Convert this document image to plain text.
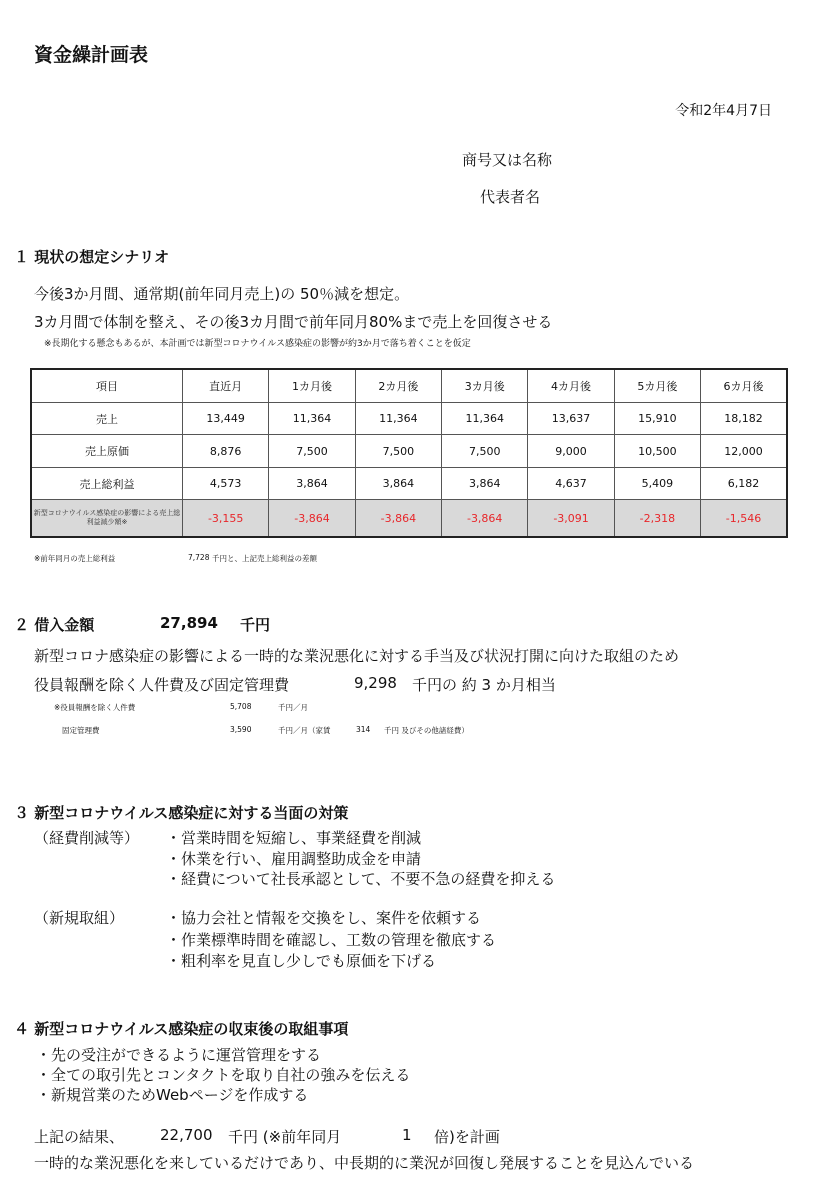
資金繰計画表
令和2年4月7日
商号又は名称
代表者名
１ 現状の想定シナリオ
今後3か月間、通常期(前年同月売上)の 50％減を想定。
3カ月間で体制を整え、その後3カ月間で前年同月80%まで売上を回復させる
※長期化する懸念もあるが、本計画では新型コロナウイルス感染症の影響が約3か月で落ち着くことを仮定
項目	直近月	1カ月後	2カ月後	3カ月後	4カ月後	5カ月後	6カ月後
売上	13,449	11,364	11,364	11,364	13,637	15,910	18,182
売上原価	8,876	7,500	7,500	7,500	9,000	10,500	12,000
売上総利益	4,573	3,864	3,864	3,864	4,637	5,409	6,182
新型コロナウイルス感染症の影響による売上総利益減少額※	-3,155	-3,864	-3,864	-3,864	-3,091	-2,318	-1,546
※前年同月の売上総利益	7,728 千円と、上記売上総利益の差額
２ 借入金額	27,894 千円
新型コロナ感染症の影響による一時的な業況悪化に対する手当及び状況打開に向けた取組のため
役員報酬を除く人件費及び固定管理費	9,298 千円の 約 3 か月相当
※役員報酬を除く人件費	5,708	千円／月
固定管理費	3,590	千円／月（家賃	314 千円 及びその他諸経費）
３ 新型コロナウイルス感染症に対する当面の対策
（経費削減等） ・営業時間を短縮し、事業経費を削減
・休業を行い、雇用調整助成金を申請
・経費について社長承認として、不要不急の経費を抑える
（新規取組）	・協力会社と情報を交換をし、案件を依頼する
・作業標準時間を確認し、工数の管理を徹底する
・粗利率を見直し少しでも原価を下げる
４ 新型コロナウイルス感染症の収束後の取組事項
・先の受注ができるように運営管理をする
・全ての取引先とコンタクトを取り自社の強みを伝える
・新規営業のためWebページを作成する
上記の結果、 22,700 千円 (※前年同月	1 倍)を計画
一時的な業況悪化を来しているだけであり、中長期的に業況が回復し発展することを見込んでいる
